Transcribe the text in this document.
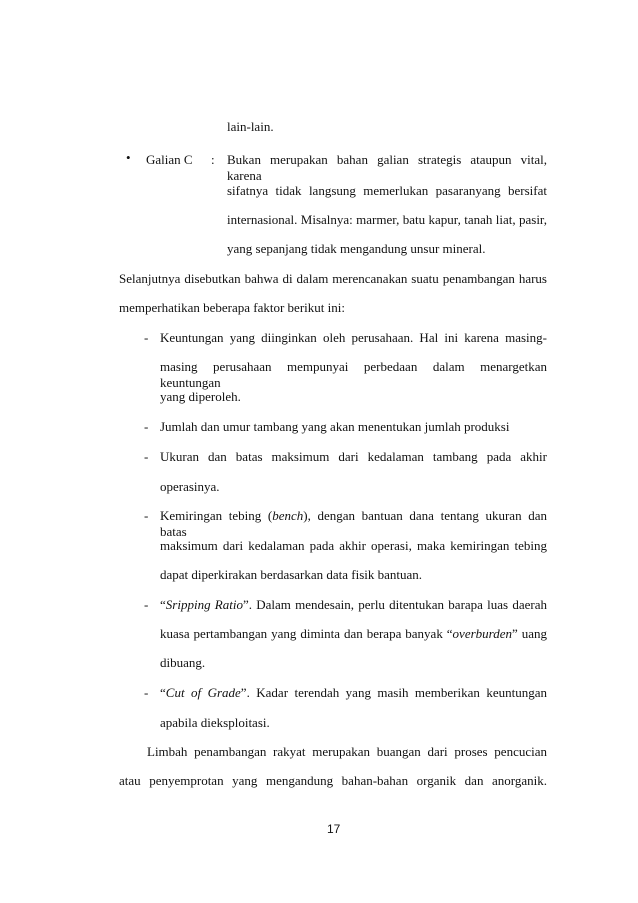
lain-lain.
• Galian C : Bukan merupakan bahan galian strategis ataupun vital, karena
sifatnya tidak langsung memerlukan pasaranyang bersifat
internasional. Misalnya: marmer, batu kapur, tanah liat, pasir,
yang sepanjang tidak mengandung unsur mineral.
Selanjutnya disebutkan bahwa di dalam merencanakan suatu penambangan harus
memperhatikan beberapa faktor berikut ini:
- Keuntungan yang diinginkan oleh perusahaan. Hal ini karena masing-
masing perusahaan mempunyai perbedaan dalam menargetkan keuntungan
yang diperoleh.
- Jumlah dan umur tambang yang akan menentukan jumlah produksi
- Ukuran dan batas maksimum dari kedalaman tambang pada akhir
operasinya.
- Kemiringan tebing (bench), dengan bantuan dana tentang ukuran dan batas
maksimum dari kedalaman pada akhir operasi, maka kemiringan tebing
dapat diperkirakan berdasarkan data fisik bantuan.
- “Sripping Ratio”. Dalam mendesain, perlu ditentukan barapa luas daerah
kuasa pertambangan yang diminta dan berapa banyak “overburden” uang
dibuang.
- “Cut of Grade”. Kadar terendah yang masih memberikan keuntungan
apabila dieksploitasi.
Limbah penambangan rakyat merupakan buangan dari proses pencucian
atau penyemprotan yang mengandung bahan-bahan organik dan anorganik.
17
